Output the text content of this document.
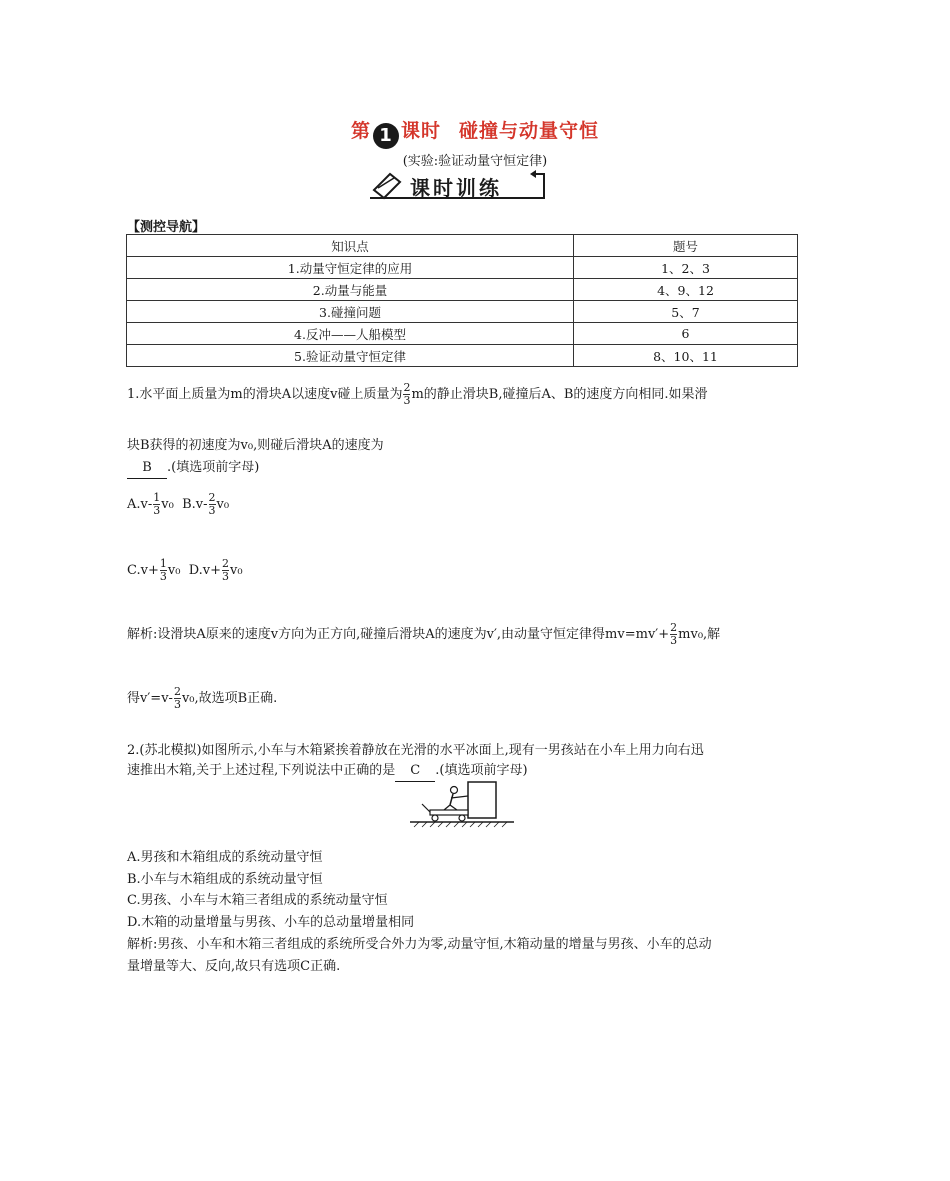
第 1 课时 碰撞与动量守恒
(实验:验证动量守恒定律)
课时训练
【测控导航】
知识点	题号
1.动量守恒定律的应用	1、2、3
2.动量与能量	4、9、12
3.碰撞问题	5、7
4.反冲——人船模型	6
5.验证动量守恒定律	8、10、11
1.水平面上质量为m的滑块A以速度v碰上质量为 $\frac{2}{3}$ m的静止滑块B,碰撞后A、B的速度方向相同.如果滑
块B获得的初速度为v₀,则碰后滑块A的速度为
B .(填选项前字母)
$A.v- \frac{1}{3} v_0$ $B.v- \frac{2}{3} v_0$
$C.v+ \frac{1}{3} v_0$ $D.v+ \frac{2}{3} v_0$
解析:设滑块A原来的速度v方向为正方向,碰撞后滑块A的速度为v′,由动量守恒定律得$mv=mv'+ \frac{2}{3} mv_0$,解
得$v'=v- \frac{2}{3} v_0$,故选项B正确.
2.(苏北模拟)如图所示,小车与木箱紧挨着静放在光滑的水平冰面上,现有一男孩站在小车上用力向右迅
速推出木箱,关于上述过程,下列说法中正确的是 C .(填选项前字母)
A.男孩和木箱组成的系统动量守恒
B.小车与木箱组成的系统动量守恒
C.男孩、小车与木箱三者组成的系统动量守恒
D.木箱的动量增量与男孩、小车的总动量增量相同
解析:男孩、小车和木箱三者组成的系统所受合外力为零,动量守恒,木箱动量的增量与男孩、小车的总动
量增量等大、反向,故只有选项C正确.
